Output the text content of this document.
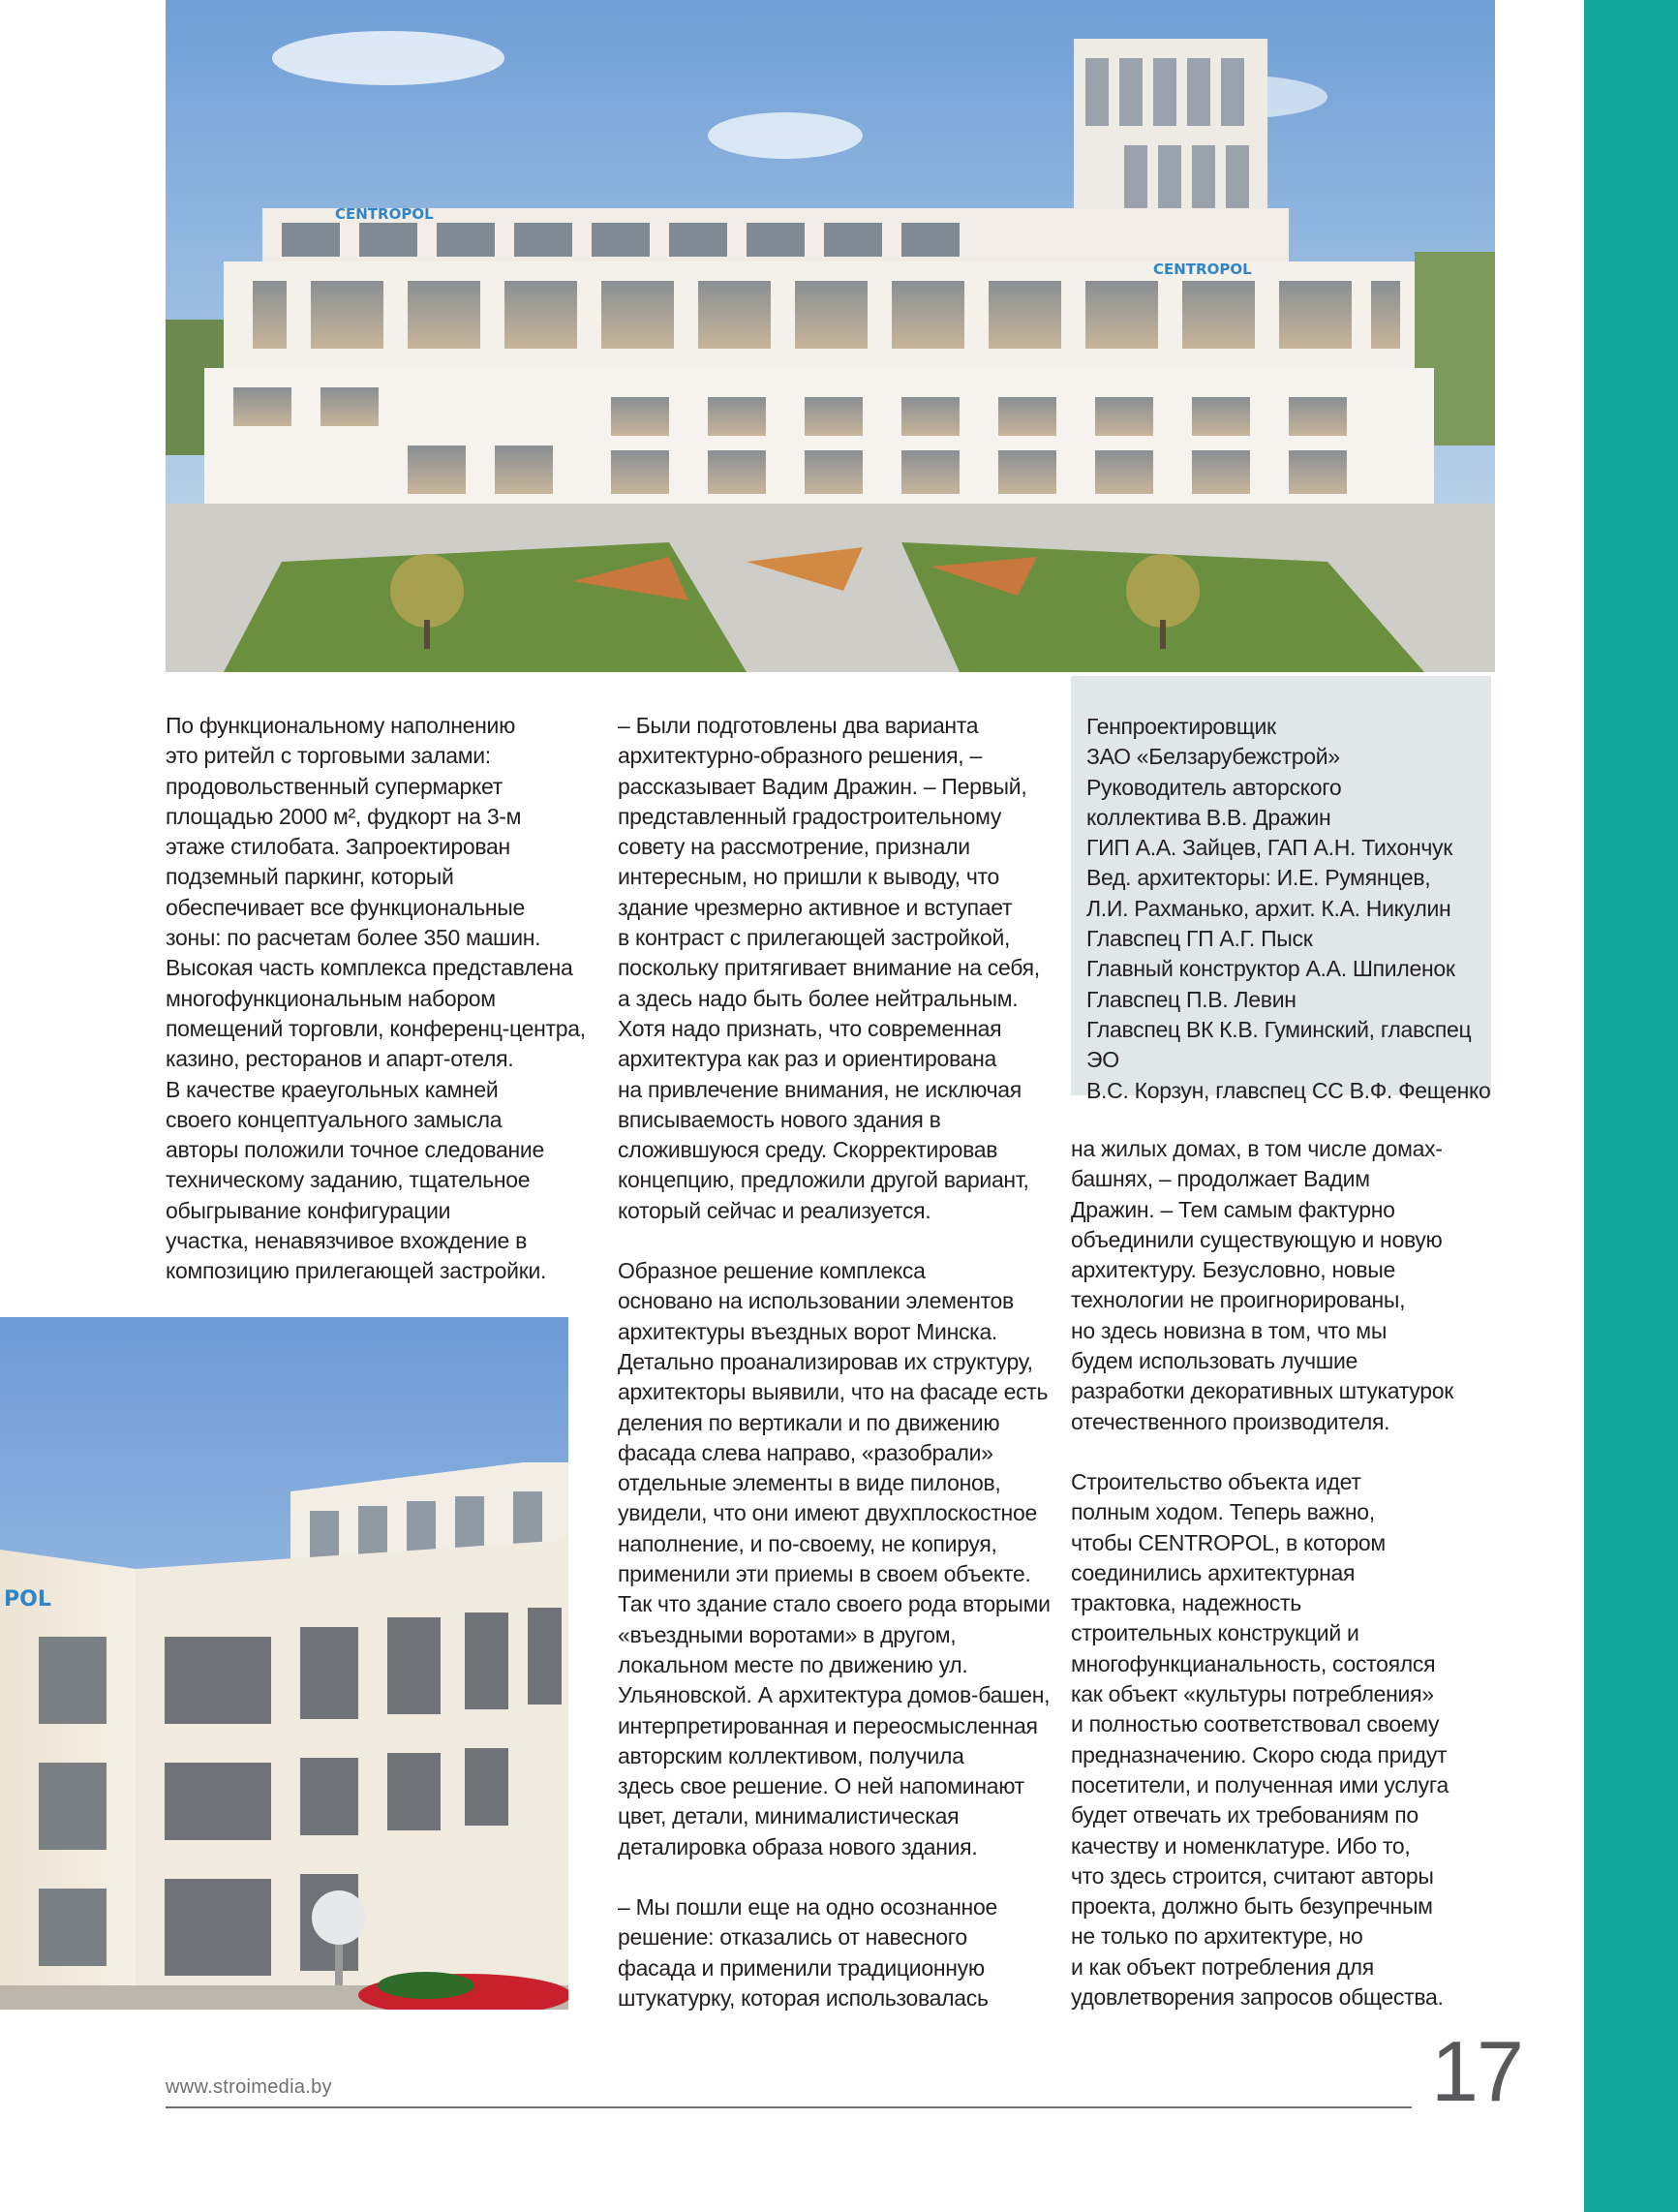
CENTROPOL
CENTROPOL

По функциональному наполнению
это ритейл с торговыми залами:
продовольственный супермаркет
площадью 2000 м², фудкорт на 3-м
этаже стилобата. Запроектирован
подземный паркинг, который
обеспечивает все функциональные
зоны: по расчетам более 350 машин.
Высокая часть комплекса представлена
многофункциональным набором
помещений торговли, конференц-центра,
казино, ресторанов и апарт-отеля.
В качестве краеугольных камней
своего концептуального замысла
авторы положили точное следование
техническому заданию, тщательное
обыгрывание конфигурации
участка, ненавязчивое вхождение в
композицию прилегающей застройки.

– Были подготовлены два варианта
архитектурно-образного решения, –
рассказывает Вадим Дражин. – Первый,
представленный градостроительному
совету на рассмотрение, признали
интересным, но пришли к выводу, что
здание чрезмерно активное и вступает
в контраст с прилегающей застройкой,
поскольку притягивает внимание на себя,
а здесь надо быть более нейтральным.
Хотя надо признать, что современная
архитектура как раз и ориентирована
на привлечение внимания, не исключая
вписываемость нового здания в
сложившуюся среду. Скорректировав
концепцию, предложили другой вариант,
который сейчас и реализуется.

Образное решение комплекса
основано на использовании элементов
архитектуры въездных ворот Минска.
Детально проанализировав их структуру,
архитекторы выявили, что на фасаде есть
деления по вертикали и по движению
фасада слева направо, «разобрали»
отдельные элементы в виде пилонов,
увидели, что они имеют двухплоскостное
наполнение, и по-своему, не копируя,
применили эти приемы в своем объекте.
Так что здание стало своего рода вторыми
«въездными воротами» в другом,
локальном месте по движению ул.
Ульяновской. А архитектура домов-башен,
интерпретированная и переосмысленная
авторским коллективом, получила
здесь свое решение. О ней напоминают
цвет, детали, минималистическая
деталировка образа нового здания.

– Мы пошли еще на одно осознанное
решение: отказались от навесного
фасада и применили традиционную
штукатурку, которая использовалась

Генпроектировщик
ЗАО «Белзарубежстрой»
Руководитель авторского
коллектива В.В. Дражин
ГИП А.А. Зайцев, ГАП А.Н. Тихончук
Вед. архитекторы: И.Е. Румянцев,
Л.И. Рахманько, архит. К.А. Никулин
Главспец ГП А.Г. Пыск
Главный конструктор А.А. Шпиленок
Главспец П.В. Левин
Главспец ВК К.В. Гуминский, главспец ЭО
В.С. Корзун, главспец СС В.Ф. Фещенко

на жилых домах, в том числе домах-
башнях, – продолжает Вадим
Дражин. – Тем самым фактурно
объединили существующую и новую
архитектуру. Безусловно, новые
технологии не проигнорированы,
но здесь новизна в том, что мы
будем использовать лучшие
разработки декоративных штукатурок
отечественного производителя.

Строительство объекта идет
полным ходом. Теперь важно,
чтобы CENTROPOL, в котором
соединились архитектурная
трактовка, надежность
строительных конструкций и
многофункцианальность, состоялся
как объект «культуры потребления»
и полностью соответствовал своему
предназначению. Скоро сюда придут
посетители, и полученная ими услуга
будет отвечать их требованиям по
качеству и номенклатуре. Ибо то,
что здесь строится, считают авторы
проекта, должно быть безупречным
не только по архитектуре, но
и как объект потребления для
удовлетворения запросов общества.

POL
www.stroimedia.by	17
